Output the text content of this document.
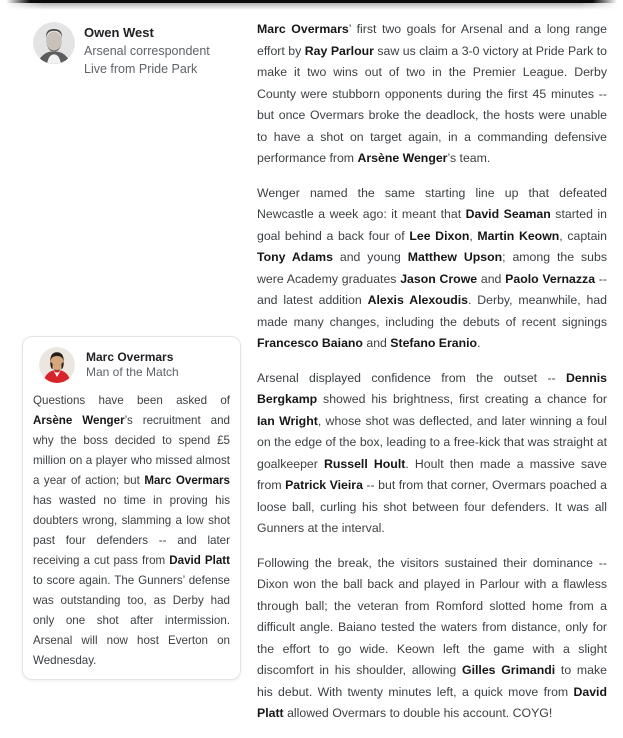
Owen West
Arsenal correspondent
Live from Pride Park

Marc Overmars’ first two goals for Arsenal and a long range effort by Ray Parlour saw us claim a 3-0 victory at Pride Park to make it two wins out of two in the Premier League. Derby County were stubborn opponents during the first 45 minutes -- but once Overmars broke the deadlock, the hosts were unable to have a shot on target again, in a commanding defensive performance from Arsène Wenger’s team.

Wenger named the same starting line up that defeated Newcastle a week ago: it meant that David Seaman started in goal behind a back four of Lee Dixon, Martin Keown, captain Tony Adams and young Matthew Upson; among the subs were Academy graduates Jason Crowe and Paolo Vernazza -- and latest addition Alexis Alexoudis. Derby, meanwhile, had made many changes, including the debuts of recent signings Francesco Baiano and Stefano Eranio.

Arsenal displayed confidence from the outset -- Dennis Bergkamp showed his brightness, first creating a chance for Ian Wright, whose shot was deflected, and later winning a foul on the edge of the box, leading to a free-kick that was straight at goalkeeper Russell Hoult. Hoult then made a massive save from Patrick Vieira -- but from that corner, Overmars poached a loose ball, curling his shot between four defenders. It was all Gunners at the interval.

Following the break, the visitors sustained their dominance -- Dixon won the ball back and played in Parlour with a flawless through ball; the veteran from Romford slotted home from a difficult angle. Baiano tested the waters from distance, only for the effort to go wide. Keown left the game with a slight discomfort in his shoulder, allowing Gilles Grimandi to make his debut. With twenty minutes left, a quick move from David Platt allowed Overmars to double his account. COYG!

Marc Overmars
Man of the Match
Questions have been asked of Arsène Wenger’s recruitment and why the boss decided to spend £5 million on a player who missed almost a year of action; but Marc Overmars has wasted no time in proving his doubters wrong, slamming a low shot past four defenders -- and later receiving a cut pass from David Platt to score again. The Gunners’ defense was outstanding too, as Derby had only one shot after intermission. Arsenal will now host Everton on Wednesday.
